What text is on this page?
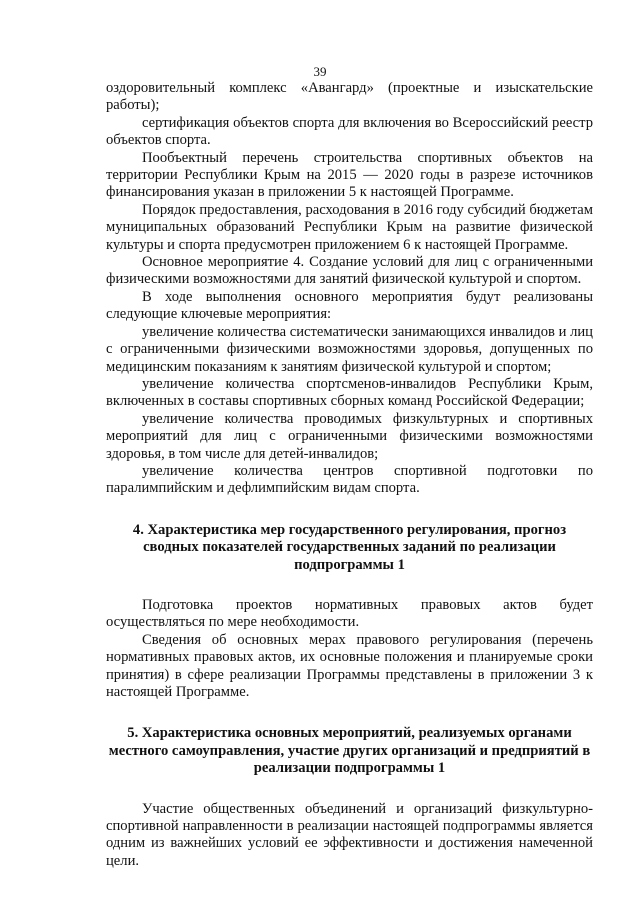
39

оздоровительный комплекс «Авангард» (проектные и изыскательские работы);

сертификация объектов спорта для включения во Всероссийский реестр объектов спорта.

Пообъектный перечень строительства спортивных объектов на территории Республики Крым на 2015 — 2020 годы в разрезе источников финансирования указан в приложении 5 к настоящей Программе.

Порядок предоставления, расходования в 2016 году субсидий бюджетам муниципальных образований Республики Крым на развитие физической культуры и спорта предусмотрен приложением 6 к настоящей Программе.

Основное мероприятие 4. Создание условий для лиц с ограниченными физическими возможностями для занятий физической культурой и спортом.

В ходе выполнения основного мероприятия будут реализованы следующие ключевые мероприятия:

увеличение количества систематически занимающихся инвалидов и лиц с ограниченными физическими возможностями здоровья, допущенных по медицинским показаниям к занятиям физической культурой и спортом;

увеличение количества спортсменов-инвалидов Республики Крым, включенных в составы спортивных сборных команд Российской Федерации;

увеличение количества проводимых физкультурных и спортивных мероприятий для лиц с ограниченными физическими возможностями здоровья, в том числе для детей-инвалидов;

увеличение количества центров спортивной подготовки по паралимпийским и дефлимпийским видам спорта.

4. Характеристика мер государственного регулирования, прогноз сводных показателей государственных заданий по реализации подпрограммы 1

Подготовка проектов нормативных правовых актов будет осуществляться по мере необходимости.

Сведения об основных мерах правового регулирования (перечень нормативных правовых актов, их основные положения и планируемые сроки принятия) в сфере реализации Программы представлены в приложении 3 к настоящей Программе.

5. Характеристика основных мероприятий, реализуемых органами местного самоуправления, участие других организаций и предприятий в реализации подпрограммы 1

Участие общественных объединений и организаций физкультурно-спортивной направленности в реализации настоящей подпрограммы является одним из важнейших условий ее эффективности и достижения намеченной цели.
